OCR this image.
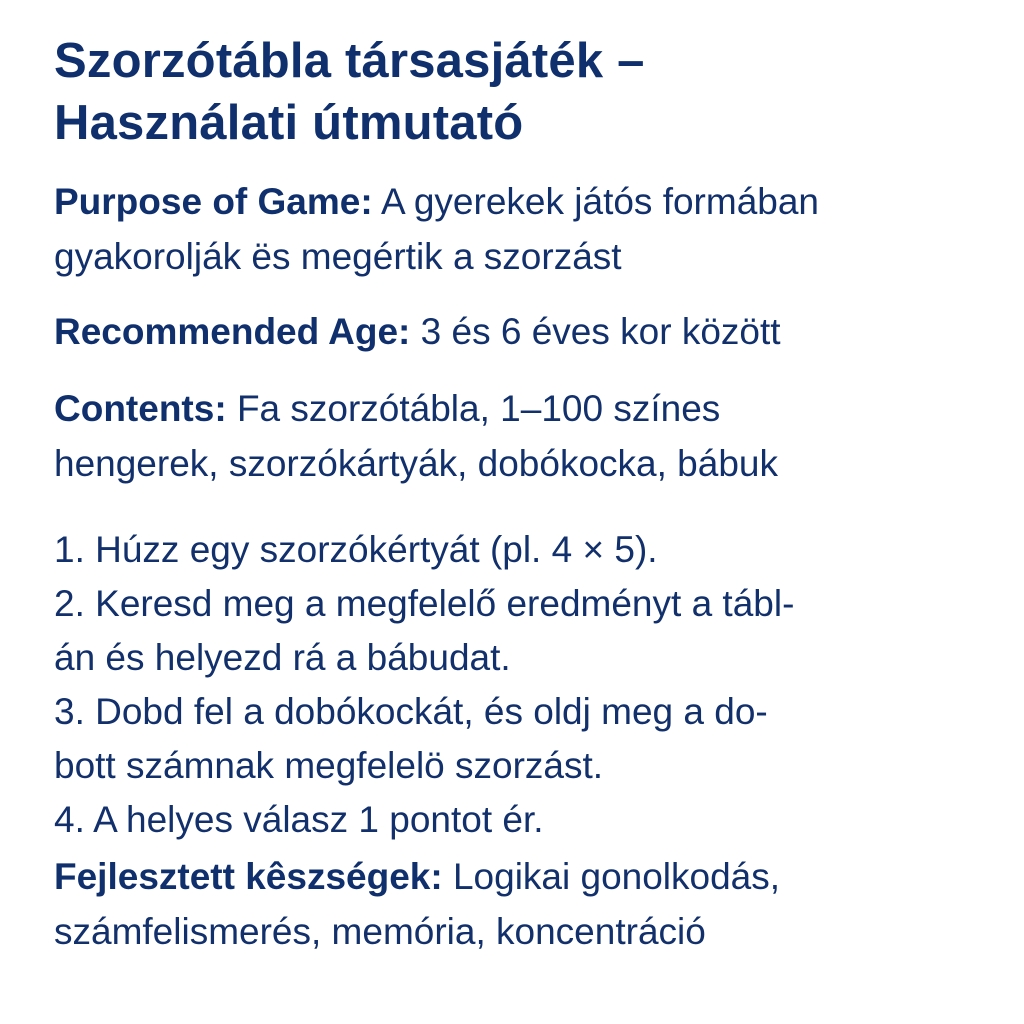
Szorzótábla társasjáték –
Használati útmutató

Purpose of Game: A gyerekek játós formában
gyakorolják ës megértik a szorzást

Recommended Age: 3 és 6 éves kor között

Contents: Fa szorzótábla, 1–100 színes
hengerek, szorzókártyák, dobókocka, bábuk

1. Húzz egy szorzókértyát (pl. 4 × 5).

2. Keresd meg a megfelelő eredményt a tábl-

án és helyezd rá a bábudat.

3. Dobd fel a dobókockát, és oldj meg a do-

bott számnak megfelelö szorzást.

4. A helyes válasz 1 pontot ér.

Fejlesztett kêszségek: Logikai gonolkodás,
számfelismerés, memória, koncentráció
